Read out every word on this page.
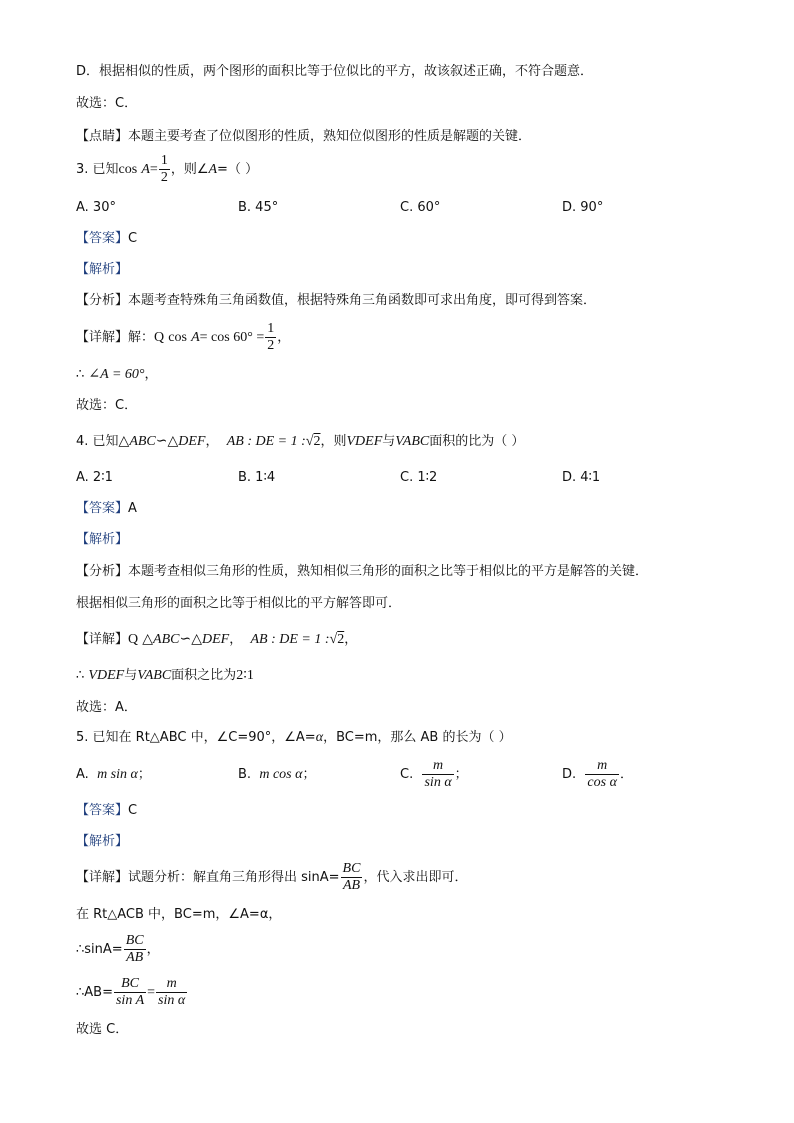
D．根据相似的性质，两个图形的面积比等于位似比的平方，故该叙述正确，不符合题意．
故选：C．
【点睛】本题主要考查了位似图形的性质，熟知位似图形的性质是解题的关键．
3. 已知$\cos A= \frac{1}{2}$ ，则∠A=（ ）
A. 30°	B. 45°	C. 60°	D. 90°
【答案】C
【解析】
【分析】本题考查特殊角三角函数值，根据特殊角三角函数即可求出角度，即可得到答案．
【详解】解：Q $\cos A= \cos 60^\circ = \frac{1}{2}$ ，
∴ ∠A = 60°，
故选：C．
4. 已知△ABC∽△DEF， AB : DE = 1 :√2，则VDEF与VABC面积的比为（ ）
A. 2∶1	B. 1∶4	C. 1∶2	D. 4∶1
【答案】A
【解析】
【分析】本题考查相似三角形的性质，熟知相似三角形的面积之比等于相似比的平方是解答的关键．
根据相似三角形的面积之比等于相似比的平方解答即可．
【详解】Q △ABC∽△DEF， AB : DE = 1 :√2，
∴ VDEF与VABC面积之比为2∶1
故选：A．
5. 已知在 Rt△ABC 中，∠C=90°，∠A=α，BC=m，那么 AB 的长为（ ）
A. m sin α；	B. m cos α；	C. $\frac{m}{\text{sin α}}$ ；	D. $\frac{m}{\text{cos α}}$ ．
【答案】C
【解析】
【详解】试题分析：解直角三角形得出 $\sin A= \frac{BC}{AB}$ ，代入求出即可．
在 Rt△ACB 中，BC=m，∠A=α，
∴sinA= $\frac{BC}{AB}$ ，
∴AB= $\frac{BC}{\text{sin A}} = \frac{m}{\text{sin α}}$
故选 C．
